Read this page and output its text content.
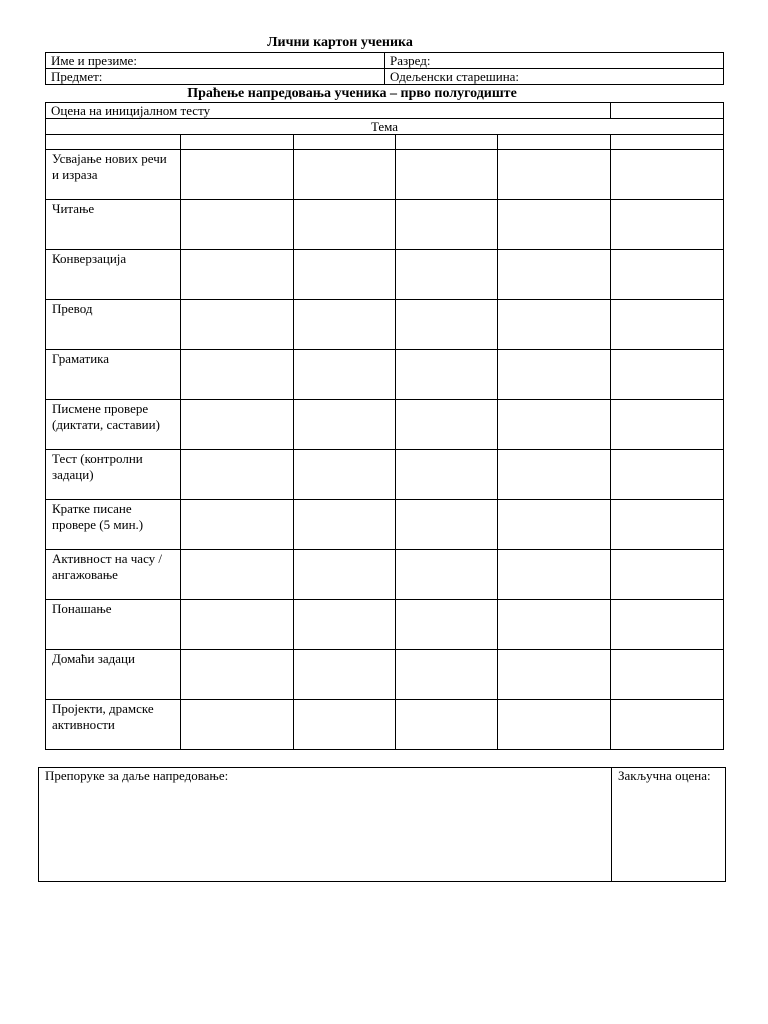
Лични картон ученика
Име и презиме:	Разред:
Предмет:	Одељенски старешина:
Праћење напредовања ученика – прво полугодиште
Оцена на иницијалном тесту					
Тема					

Усвајање нових речи и израза					
Читање					
Конверзација					
Превод					
Граматика					
Писмене провере (диктати, саставии)					
Тест (контролни задаци)					
Кратке писане провере (5 мин.)					
Активност на часу / ангажовање					
Понашање					
Домаћи задаци					
Пројекти, драмске активности					
Препоруке за даље напредовање:	Закључна оцена:
